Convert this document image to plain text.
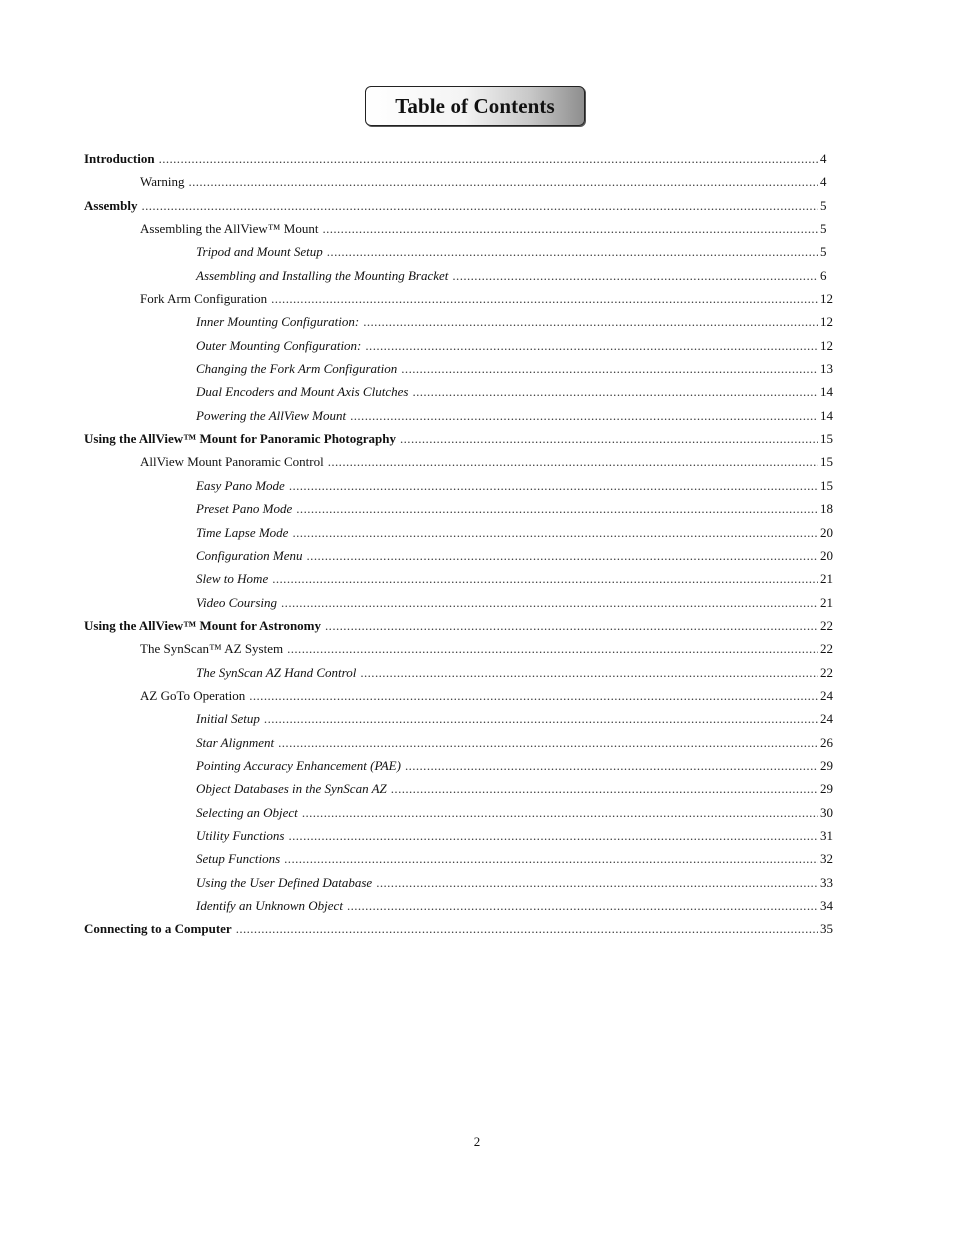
Table of Contents
Introduction .....	4
Warning .....	4
Assembly .....	5
Assembling the AllView™ Mount .....	5
Tripod and Mount Setup .....	5
Assembling and Installing the Mounting Bracket .....	6
Fork Arm Configuration .....	12
Inner Mounting Configuration: .....	12
Outer Mounting Configuration: .....	12
Changing the Fork Arm Configuration .....	13
Dual Encoders and Mount Axis Clutches .....	14
Powering the AllView Mount .....	14
Using the AllView™ Mount for Panoramic Photography .....	15
AllView Mount Panoramic Control .....	15
Easy Pano Mode .....	15
Preset Pano Mode .....	18
Time Lapse Mode .....	20
Configuration Menu .....	20
Slew to Home .....	21
Video Coursing .....	21
Using the AllView™ Mount for Astronomy .....	22
The SynScan™ AZ System .....	22
The SynScan AZ Hand Control .....	22
AZ GoTo Operation .....	24
Initial Setup .....	24
Star Alignment .....	26
Pointing Accuracy Enhancement (PAE) .....	29
Object Databases in the SynScan AZ .....	29
Selecting an Object .....	30
Utility Functions .....	31
Setup Functions .....	32
Using the User Defined Database .....	33
Identify an Unknown Object .....	34
Connecting to a Computer .....	35
2
